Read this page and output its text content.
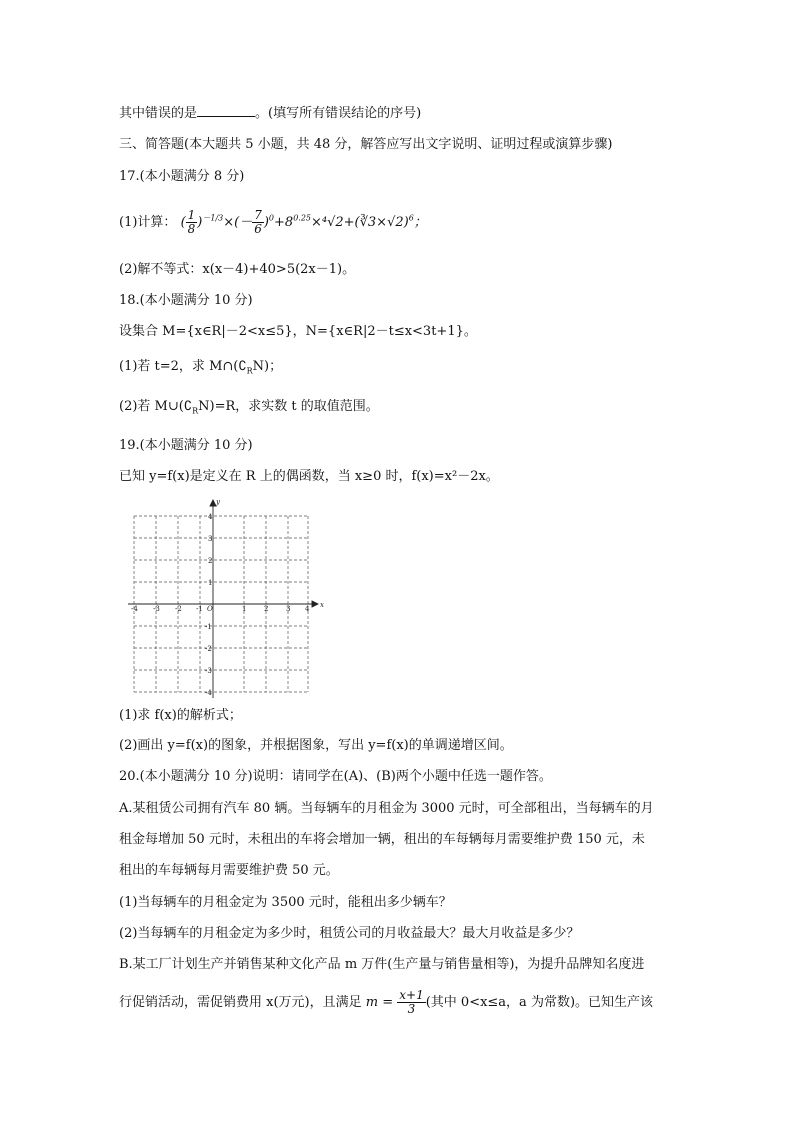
其中错误的是	。(填写所有错误结论的序号)
三、简答题(本大题共 5 小题，共 48 分，解答应写出文字说明、证明过程或演算步骤)
17.(本小题满分 8 分)
(1)计算： ( $\frac{1}{8} )^{-1/3}\times(- \frac{7}{6}$ )$^0+8^{0.25}\times^4√2+(∛3\times√2)^6$；
(2)解不等式：x(x－4)+40>5(2x－1)。
18.(本小题满分 10 分)
设集合 M={x∈R|－2<x≤5}，N={x∈R|2－t≤x<3t+1}。
(1)若 t=2，求 $M\cap(∁_RN)$；
(2)若 $M\cup(∁_RN)=R$，求实数 t 的取值范围。
19.(本小题满分 10 分)
已知 y=f(x)是定义在 R 上的偶函数，当 x≥0 时，f(x)=x²－2x。
x
y
O
-4 -3 -2 -1	1	2	3 4
4
3
2
1
-1
-2
-3
-4
(1)求 f(x)的解析式；
(2)画出 y=f(x)的图象，并根据图象，写出 y=f(x)的单调递增区间。
20.(本小题满分 10 分)说明：请同学在(A)、(B)两个小题中任选一题作答。
A.某租赁公司拥有汽车 80 辆。当每辆车的月租金为 3000 元时，可全部租出，当每辆车的月
租金每增加 50 元时，未租出的车将会增加一辆，租出的车每辆每月需要维护费 150 元，未
租出的车每辆每月需要维护费 50 元。
(1)当每辆车的月租金定为 3500 元时，能租出多少辆车？
(2)当每辆车的月租金定为多少时，租赁公司的月收益最大？最大月收益是多少？
B.某工厂计划生产并销售某种文化产品 m 万件(生产量与销售量相等)，为提升品牌知名度进
行促销活动，需促销费用 x(万元)，且满足 $m = \frac{x+1}{3}$ (其中 0<x≤a，a 为常数)。已知生产该
